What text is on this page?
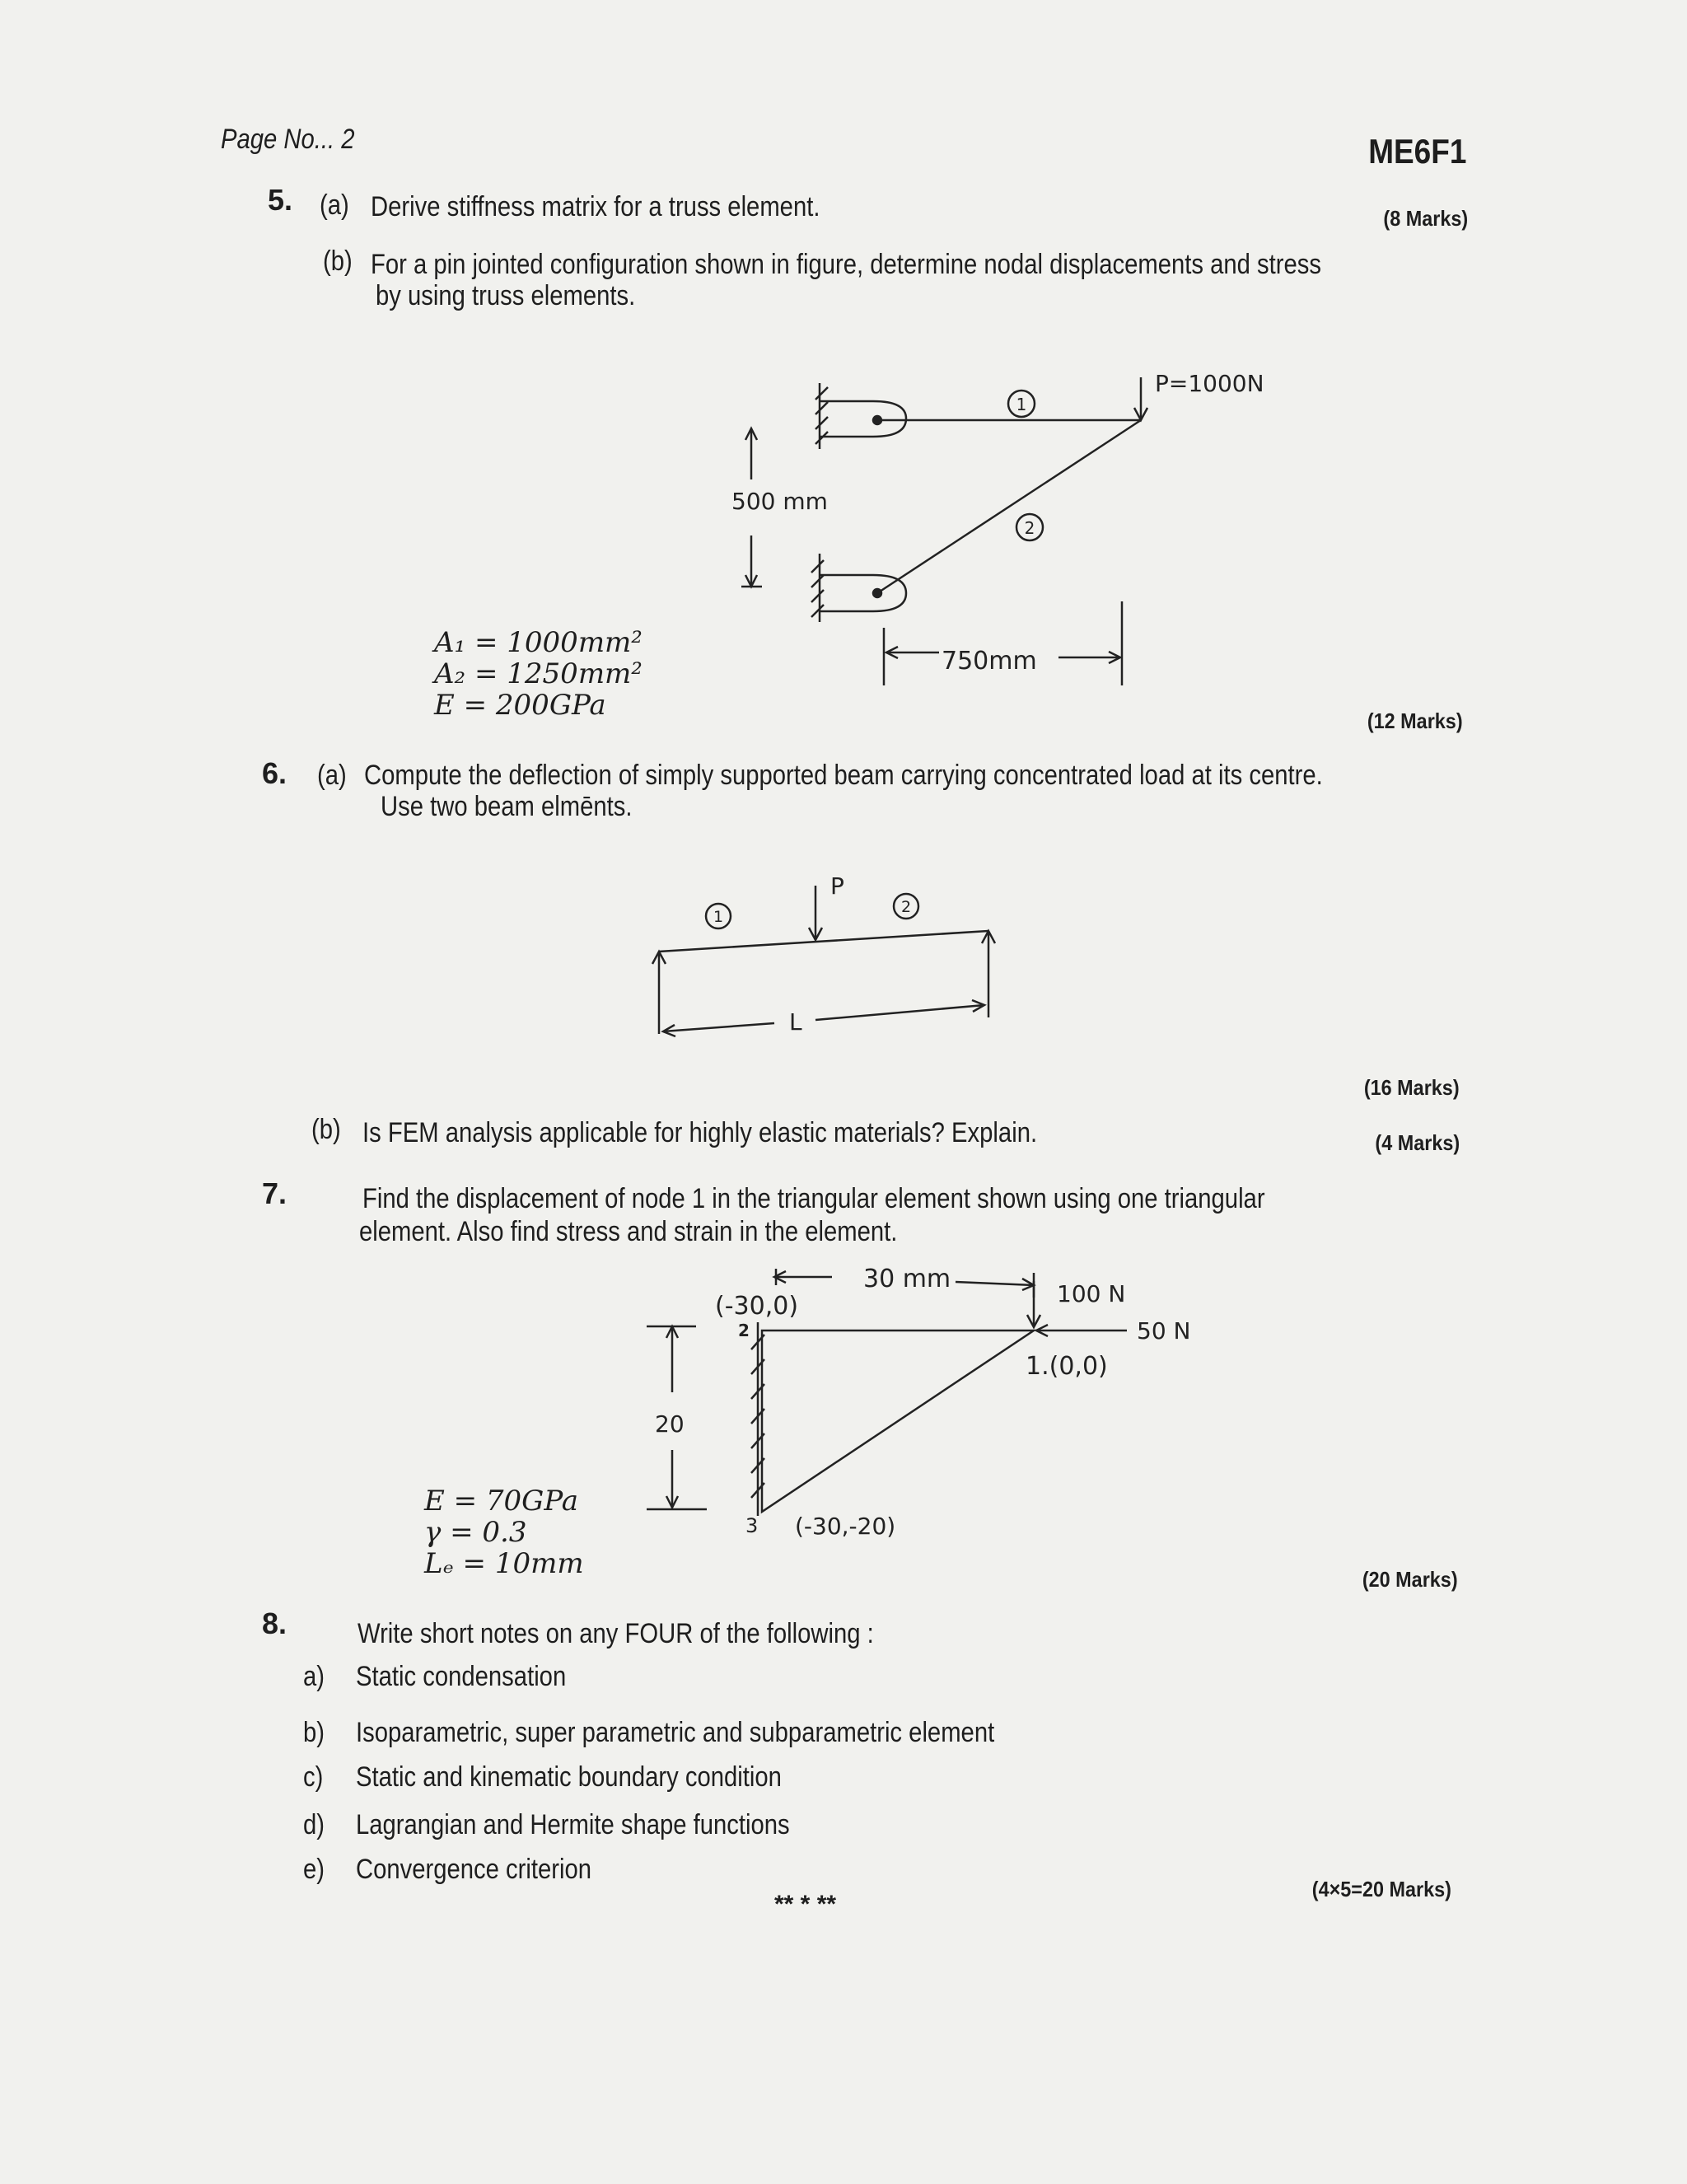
Page No... 2	ME6F1
5. (a) Derive stiffness matrix for a truss element.	(8 Marks)
(b) For a pin jointed configuration shown in figure, determine nodal displacements and stress
by using truss elements.
1
P=1000N
2
500 mm
750mm
A₁ = 1000mm²
A₂ = 1250mm²
E = 200GPa	(12 Marks)
6. (a) Compute the deflection of simply supported beam carrying concentrated load at its centre.
Use two beam elmēnts.
P
1
2
L
(16 Marks)
(b) Is FEM analysis applicable for highly elastic materials? Explain.	(4 Marks)
7.	Find the displacement of node 1 in the triangular element shown using one triangular
element. Also find stress and strain in the element.
30 mm
(-30,0)
2
1.(0,0)
3 (-30,-20)
100 N
50 N
20
E = 70GPa
γ = 0.3
Lₑ = 10mm	(20 Marks)
8.	Write short notes on any FOUR of the following :
a) Static condensation
b) Isoparametric, super parametric and subparametric element
c) Static and kinematic boundary condition
d) Lagrangian and Hermite shape functions
e) Convergence criterion
(4×5=20 Marks)
** * **
